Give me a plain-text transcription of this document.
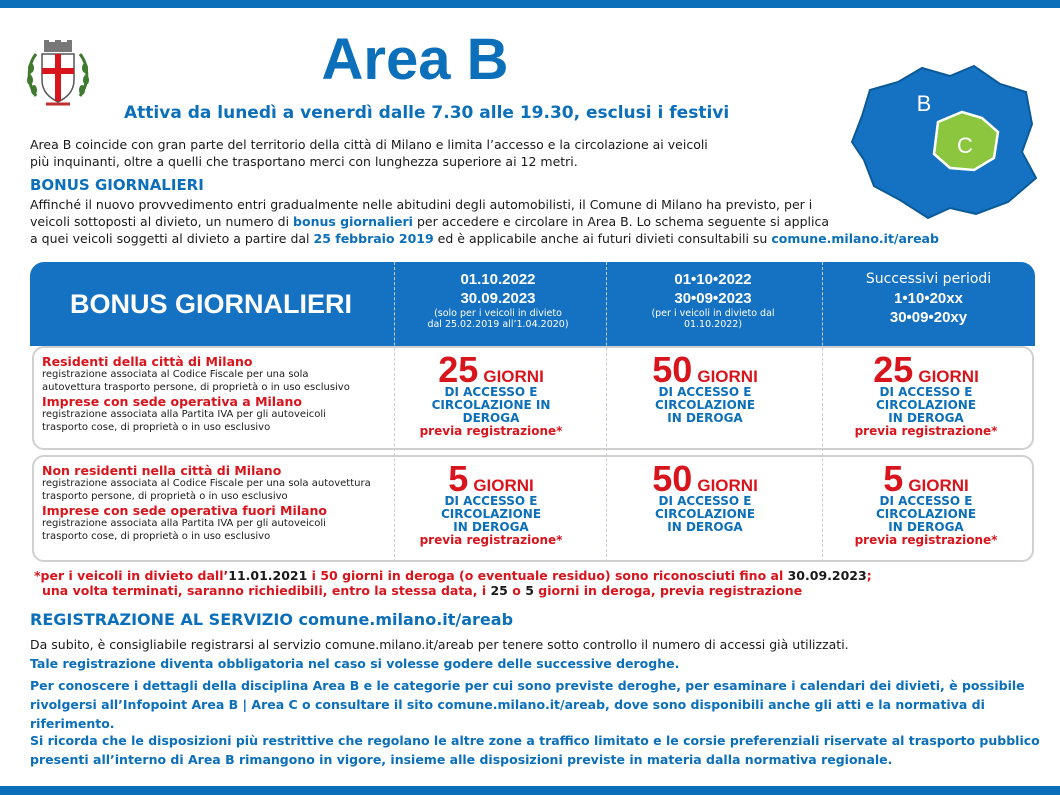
Area B
Attiva da lunedì a venerdì dalle 7.30 alle 19.30, esclusi i festivi	B
C
Area B coincide con gran parte del territorio della città di Milano e limita l’accesso e la circolazione ai veicoli
più inquinanti, oltre a quelli che trasportano merci con lunghezza superiore ai 12 metri.
BONUS GIORNALIERI
Affinché il nuovo provvedimento entri gradualmente nelle abitudini degli automobilisti, il Comune di Milano ha previsto, per i
veicoli sottoposti al divieto, un numero di bonus giornalieri per accedere e circolare in Area B. Lo schema seguente si applica
a quei veicoli soggetti al divieto a partire dal 25 febbraio 2019 ed è applicabile anche ai futuri divieti consultabili su comune.milano.it/areab
BONUS GIORNALIERI
01.10.2022
30.09.2023
(solo per i veicoli in divieto
dal 25.02.2019 all’1.04.2020)
01•10•2022
30•09•2023
(per i veicoli in divieto dal
01.10.2022)
Successivi periodi
1•10•20xx
30•09•20xy
Residenti della città di Milano
registrazione associata al Codice Fiscale per una sola
autovettura trasporto persone, di proprietà o in uso esclusivo
Imprese con sede operativa a Milano
registrazione associata alla Partita IVA per gli autoveicoli
trasporto cose, di proprietà o in uso esclusivo
25 GIORNI
DI ACCESSO E
CIRCOLAZIONE IN
DEROGA
previa registrazione*
50 GIORNI
DI ACCESSO E
CIRCOLAZIONE
IN DEROGA
25 GIORNI
DI ACCESSO E
CIRCOLAZIONE
IN DEROGA
previa registrazione*
Non residenti nella città di Milano
registrazione associata al Codice Fiscale per una sola autovettura
trasporto persone, di proprietà o in uso esclusivo
Imprese con sede operativa fuori Milano
registrazione associata alla Partita IVA per gli autoveicoli
trasporto cose, di proprietà o in uso esclusivo
5 GIORNI
DI ACCESSO E
CIRCOLAZIONE
IN DEROGA
previa registrazione*
50 GIORNI
DI ACCESSO E
CIRCOLAZIONE
IN DEROGA
5 GIORNI
DI ACCESSO E
CIRCOLAZIONE
IN DEROGA
previa registrazione*
*per i veicoli in divieto dall’11.01.2021 i 50 giorni in deroga (o eventuale residuo) sono riconosciuti fino al 30.09.2023;
una volta terminati, saranno richiedibili, entro la stessa data, i 25 o 5 giorni in deroga, previa registrazione
REGISTRAZIONE AL SERVIZIO comune.milano.it/areab
Da subito, è consigliabile registrarsi al servizio comune.milano.it/areab per tenere sotto controllo il numero di accessi già utilizzati.
Tale registrazione diventa obbligatoria nel caso si volesse godere delle successive deroghe.
Per conoscere i dettagli della disciplina Area B e le categorie per cui sono previste deroghe, per esaminare i calendari dei divieti, è possibile
rivolgersi all’Infopoint Area B | Area C o consultare il sito comune.milano.it/areab, dove sono disponibili anche gli atti e la normativa di riferimento.
Si ricorda che le disposizioni più restrittive che regolano le altre zone a traffico limitato e le corsie preferenziali riservate al trasporto pubblico
presenti all’interno di Area B rimangono in vigore, insieme alle disposizioni previste in materia dalla normativa regionale.
